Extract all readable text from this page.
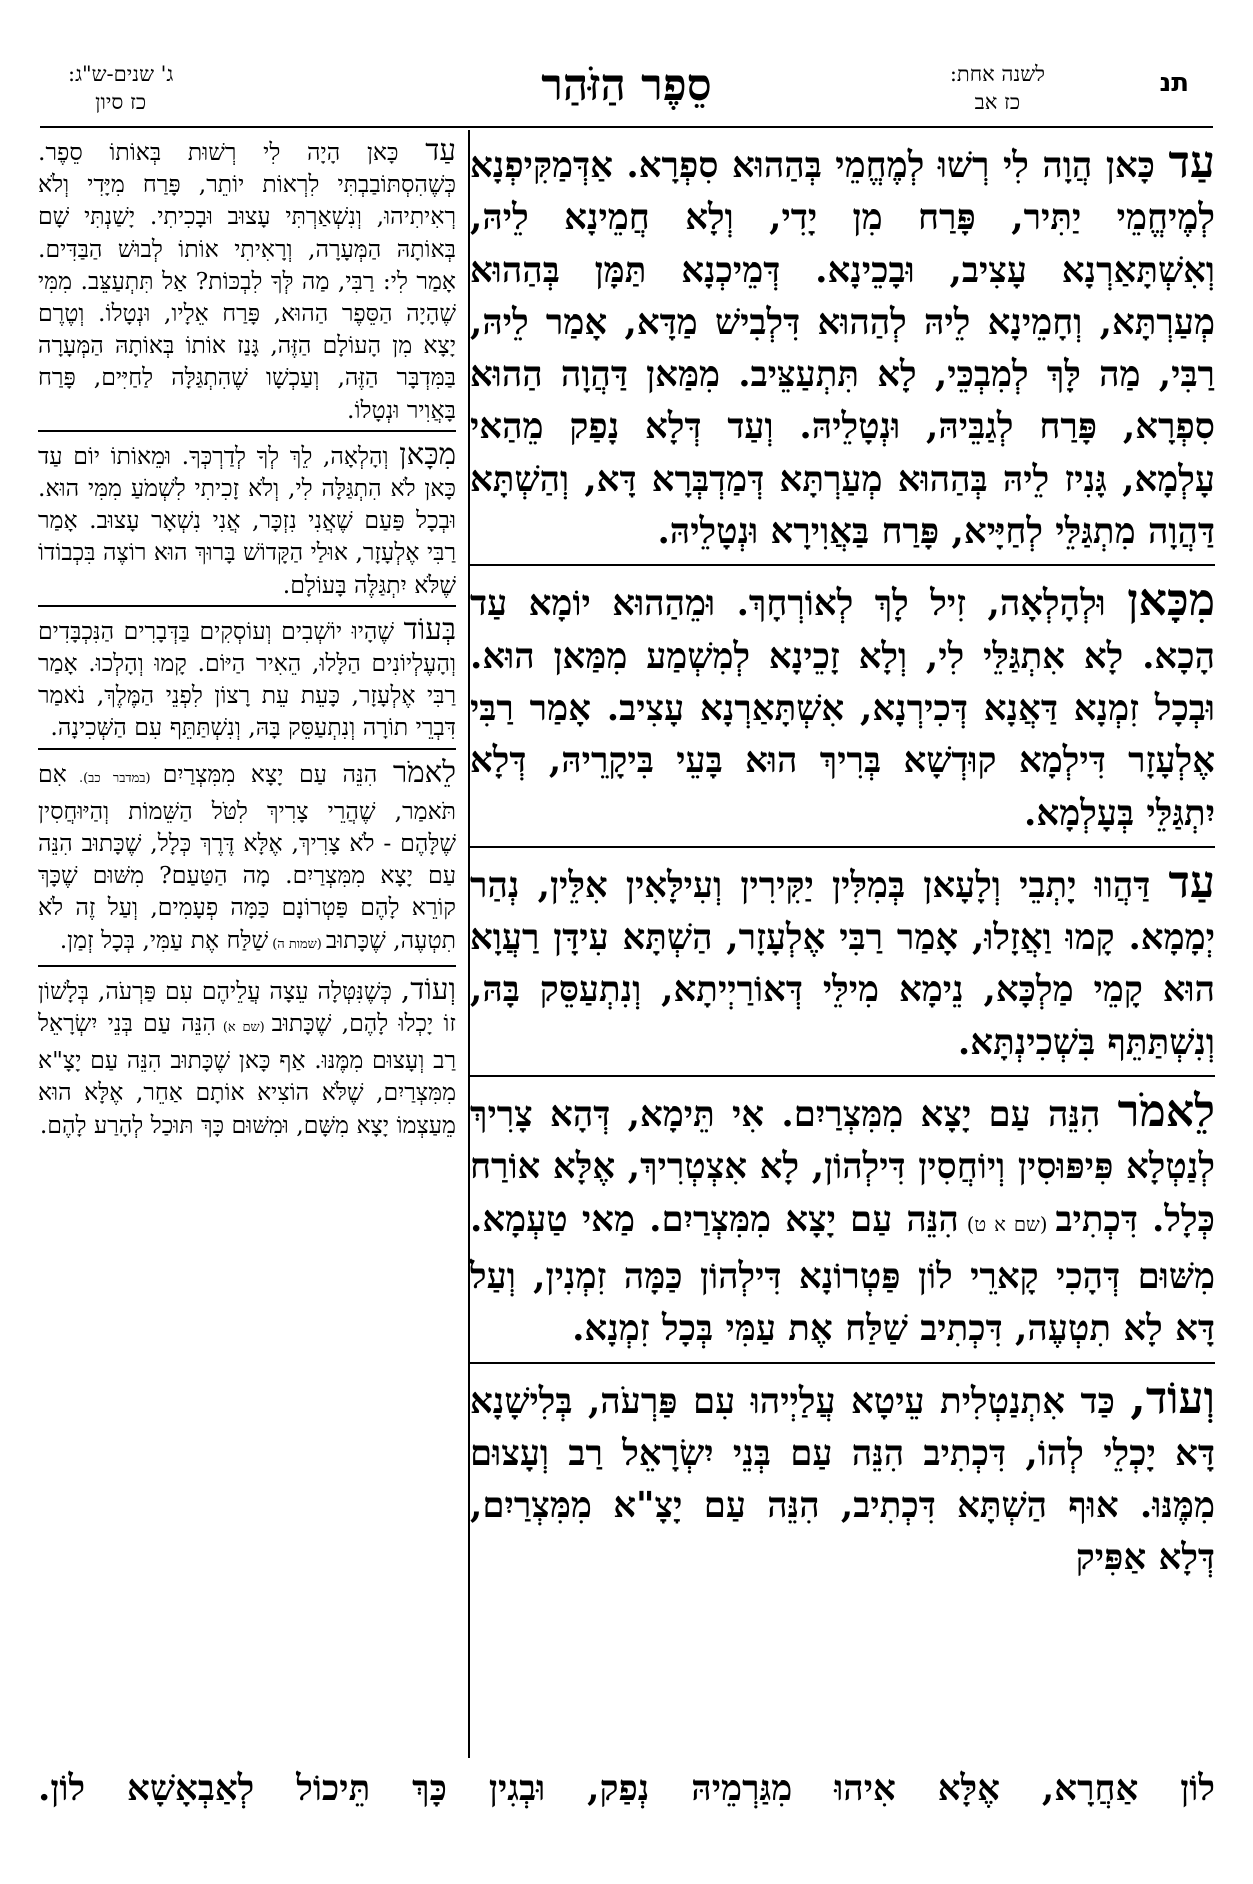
תנ
לשנה אחת:
כז אב
סֵפֶר הַזֹּהַר
ג' שנים-ש"ג:
כז סיון

עַד כָּאן הֲוָה לִי רְשׁוּ לְמֶחֱמֵי בְּהַהוּא סִפְרָא. אַדְּמַקִּיפְנָא לְמֶיחֱמֵי יַתִּיר, פָּרַח מִן יָדִי, וְלָא חֲמֵינָא לֵיהּ, וְאִשְׁתָּאַרְנָא עָצִיב, וּבָכֵינָא. דְּמֵיכְנָא תַּמָּן בְּהַהוּא מְעַרְתָּא, וְחָמֵינָא לֵיהּ לְהַהוּא דִּלְבִישׁ מַדָּא, אָמַר לֵיהּ, רַבִּי, מַה לָּךְ לְמִבְכֵּי, לָא תִּתְעַצֵּיב. מִמַּאן דַּהֲוָה הַהוּא סִפְרָא, פָּרַח לְגַבֵּיהּ, וּנְטָלֵיהּ. וְעַד דְּלָא נָפַק מֵהַאי עָלְמָא, גָּנִיז לֵיהּ בְּהַהוּא מְעַרְתָּא דְּמַדְבְּרָא דָּא, וְהַשְׁתָּא דַּהֲוָה מִתְגַּלֵּי לְחַיָּיא, פָּרַח בַּאֲוִירָא וּנְטָלֵיהּ.

מִכָּאן וּלְהָלְאָה, זִיל לָךְ לְאוֹרְחָךְ. וּמֵהַהוּא יוֹמָא עַד הָכָא. לָא אִתְגַּלֵּי לִי, וְלָא זָכֵינָא לְמִשְׁמַע מִמַּאן הוּא. וּבְכָל זִמְנָא דַּאֲנָא דְּכִירְנָא, אִשְׁתָּאַרְנָא עָצִיב. אָמַר רַבִּי אֶלְעָזָר דִּילְמָא קוּדְשָׁא בְּרִיךְ הוּא בָּעֵי בִּיקָרֵיהּ, דְּלָא יִתְגַּלֵּי בְּעָלְמָא.

עַד דַּהֲווּ יָתְבֵי וְלָעָאן בְּמִלִּין יַקִּירִין וְעִילָּאִין אִלֵּין, נְהַר יְמָמָא. קָמוּ וַאֲזָלוּ, אָמַר רַבִּי אֶלְעָזָר, הַשְׁתָּא עִידָּן רַעֲוָא הוּא קָמֵי מַלְכָּא, נֵימָא מִילֵּי דְּאוֹרַיְיתָא, וְנִתְעַסֵּק בָּהּ, וְנִשְׁתַּתֵּף בִּשְׁכִינְתָּא.

לֵאמֹר הִנֵּה עַם יָצָא מִמִּצְרַיִם. אִי תֵּימָא, דְּהָא צָרִיךְ לְנַטְלָא פִּיפּוּסִין וְיוֹחֲסִין דִּילְהוֹן, לָא אִצְטְרִיךְ, אֶלָּא אוֹרַח כְּלָל. דִּכְתִיב (שם א ט) הִנֵּה עַם יָצָא מִמִּצְרַיִם. מַאי טַעְמָא. מִשּׁוּם דְּהָכִי קָארֵי לוֹן פַּטְרוֹנָא דִּילְהוֹן כַּמָּה זִמְנִין, וְעַל דָּא לָא תִטְעֶה, דִּכְתִיב שַׁלַּח אֶת עַמִּי בְּכָל זִמְנָא.

וְעוֹד, כַּד אִתְנַטְלִית עֵיטָא עֲלַיְיהוּ עִם פַּרְעֹה, בְּלִישָׁנָא דָּא יָכְלֵי לְהוֹ, דִּכְתִיב הִנֵּה עַם בְּנֵי יִשְׂרָאֵל רַב וְעָצוּם מִמֶּנּוּ. אוּף הַשְׁתָּא דִּכְתִיב, הִנֵּה עַם יָצָ"א מִמִּצְרַיִם, דְּלָא אַפִּיק

עַד כָּאן הָיָה לִי רְשׁוּת בְּאוֹתוֹ סֵפֶר. כְּשֶׁהִסְתּוֹבַבְתִּי לִרְאוֹת יוֹתֵר, פָּרַח מִיָּדִי וְלֹא רְאִיתִיהוּ, וְנִשְׁאַרְתִּי עָצוּב וּבָכִיתִי. יָשַׁנְתִּי שָׁם בְּאוֹתָהּ הַמְּעָרָה, וְרָאִיתִי אוֹתוֹ לְבוּשׁ הַבַּדִּים. אָמַר לִי: רַבִּי, מַה לְּךָ לִבְכּוֹת? אַל תִּתְעַצֵּב. מִמִּי שֶׁהָיָה הַסֵּפֶר הַהוּא, פָּרַח אֵלָיו, וּנְטָלוֹ. וְטֶרֶם יָצָא מִן הָעוֹלָם הַזֶּה, גָּנַז אוֹתוֹ בְּאוֹתָהּ הַמְּעָרָה בַּמִּדְבָּר הַזֶּה, וְעַכְשָׁו שֶׁהִתְגַּלָּה לַחַיִּים, פָּרַח בָּאֲוִיר וּנְטָלוֹ.

מִכָּאן וְהָלְאָה, לֵךְ לְךָ לְדַרְכְּךָ. וּמֵאוֹתוֹ יוֹם עַד כָּאן לֹא הִתְגַּלָּה לִי, וְלֹא זָכִיתִי לִשְׁמֹעַ מִמִּי הוּא. וּבְכָל פַּעַם שֶׁאֲנִי נִזְכָּר, אֲנִי נִשְׁאָר עָצוּב. אָמַר רַבִּי אֶלְעָזָר, אוּלַי הַקָּדוֹשׁ בָּרוּךְ הוּא רוֹצֶה בִּכְבוֹדוֹ שֶׁלֹּא יִתְגַּלֶּה בָּעוֹלָם.

בְּעוֹד שֶׁהָיוּ יוֹשְׁבִים וְעוֹסְקִים בַּדְּבָרִים הַנִּכְבָּדִים וְהָעֶלְיוֹנִים הַלָּלוּ, הֵאִיר הַיּוֹם. קָמוּ וְהָלְכוּ. אָמַר רַבִּי אֶלְעָזָר, כָּעֵת עֵת רָצוֹן לִפְנֵי הַמֶּלֶךְ, נֹאמַר דִּבְרֵי תוֹרָה וְנִתְעַסֵּק בָּהּ, וְנִשְׁתַּתֵּף עִם הַשְּׁכִינָה.

לֵאמֹר הִנֵּה עַם יָצָא מִמִּצְרַיִם (במדבר כב). אִם תֹּאמַר, שֶׁהֲרֵי צָרִיךְ לִטֹּל הַשֵּׁמוֹת וְהַיּוּחֲסִין שֶׁלָּהֶם - לֹא צָרִיךְ, אֶלָּא דֶּרֶךְ כְּלָל, שֶׁכָּתוּב הִנֵּה עַם יָצָא מִמִּצְרַיִם. מָה הַטַּעַם? מִשּׁוּם שֶׁכָּךְ קוֹרֵא לָהֶם פַּטְרוֹנָם כַּמָּה פְעָמִים, וְעַל זֶה לֹא תִטְעֶה, שֶׁכָּתוּב (שמות ה) שַׁלַּח אֶת עַמִּי, בְּכָל זְמַן.

וְעוֹד, כְּשֶׁנִּטְּלָה עֵצָה עֲלֵיהֶם עִם פַּרְעֹה, בְּלָשׁוֹן זוֹ יָכְלוּ לָהֶם, שֶׁכָּתוּב (שם א) הִנֵּה עַם בְּנֵי יִשְׂרָאֵל רַב וְעָצוּם מִמֶּנּוּ. אַף כָּאן שֶׁכָּתוּב הִנֵּה עַם יָצָ"א מִמִּצְרַיִם, שֶׁלֹּא הוֹצִיא אוֹתָם אַחֵר, אֶלָּא הוּא מֵעַצְמוֹ יָצָא מִשָּׁם, וּמִשּׁוּם כָּךְ תּוּכַל לְהָרַע לָהֶם.

לוֹן אַחֲרָא, אֶלָּא אִיהוּ מִגַּרְמֵיהּ נְפַק, וּבְגִין כָּךְ תֵּיכוֹל לְאַבְאָשָׁא לוֹן.
